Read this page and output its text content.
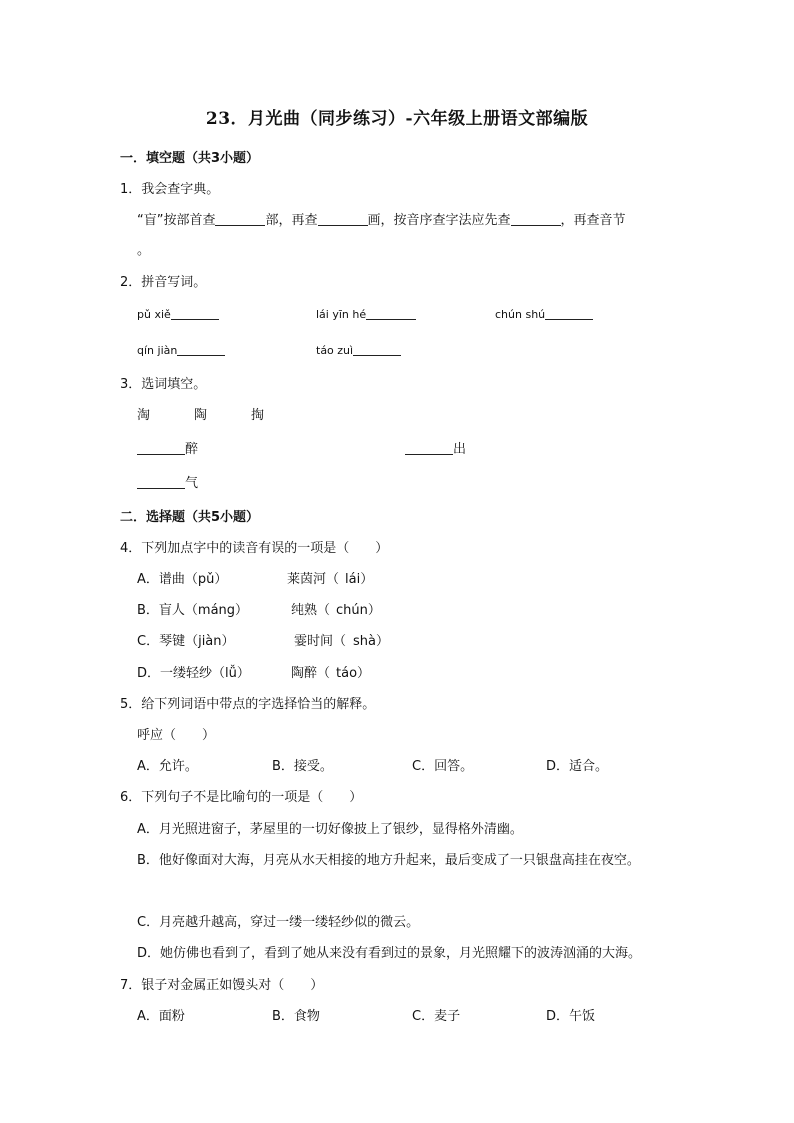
23．月光曲（同步练习）-六年级上册语文部编版
一．填空题（共3小题）
1．我会查字典。
“盲”按部首查	部，再查	画，按音序查字法应先查	，再查音节
。
2．拼音写词。
pǔ xiě	lái yīn hé	chún shú
qín jiàn	táo zuì
3．选词填空。
淘	陶	掏
醉	出
气
二．选择题（共5小题）
4．下列加点字中的读音有误的一项是（　　）
A．谱曲（pǔ）	莱茵河（ lái）
B．盲人（máng）	纯熟（ chún）
C．琴键（jiàn）	霎时间（ shà）
D．一缕轻纱（lǚ）	陶醉（ táo）
5．给下列词语中带点的字选择恰当的解释。
呼应（　　）
A．允许。	B．接受。	C．回答。	D．适合。
6．下列句子不是比喻句的一项是（　　）
A．月光照进窗子，茅屋里的一切好像披上了银纱，显得格外清幽。
B．他好像面对大海，月亮从水天相接的地方升起来，最后变成了一只银盘高挂在夜空。
C．月亮越升越高，穿过一缕一缕轻纱似的微云。
D．她仿佛也看到了，看到了她从来没有看到过的景象，月光照耀下的波涛汹涌的大海。
7．银子对金属正如馒头对（　　）
A．面粉	B．食物	C．麦子	D．午饭
